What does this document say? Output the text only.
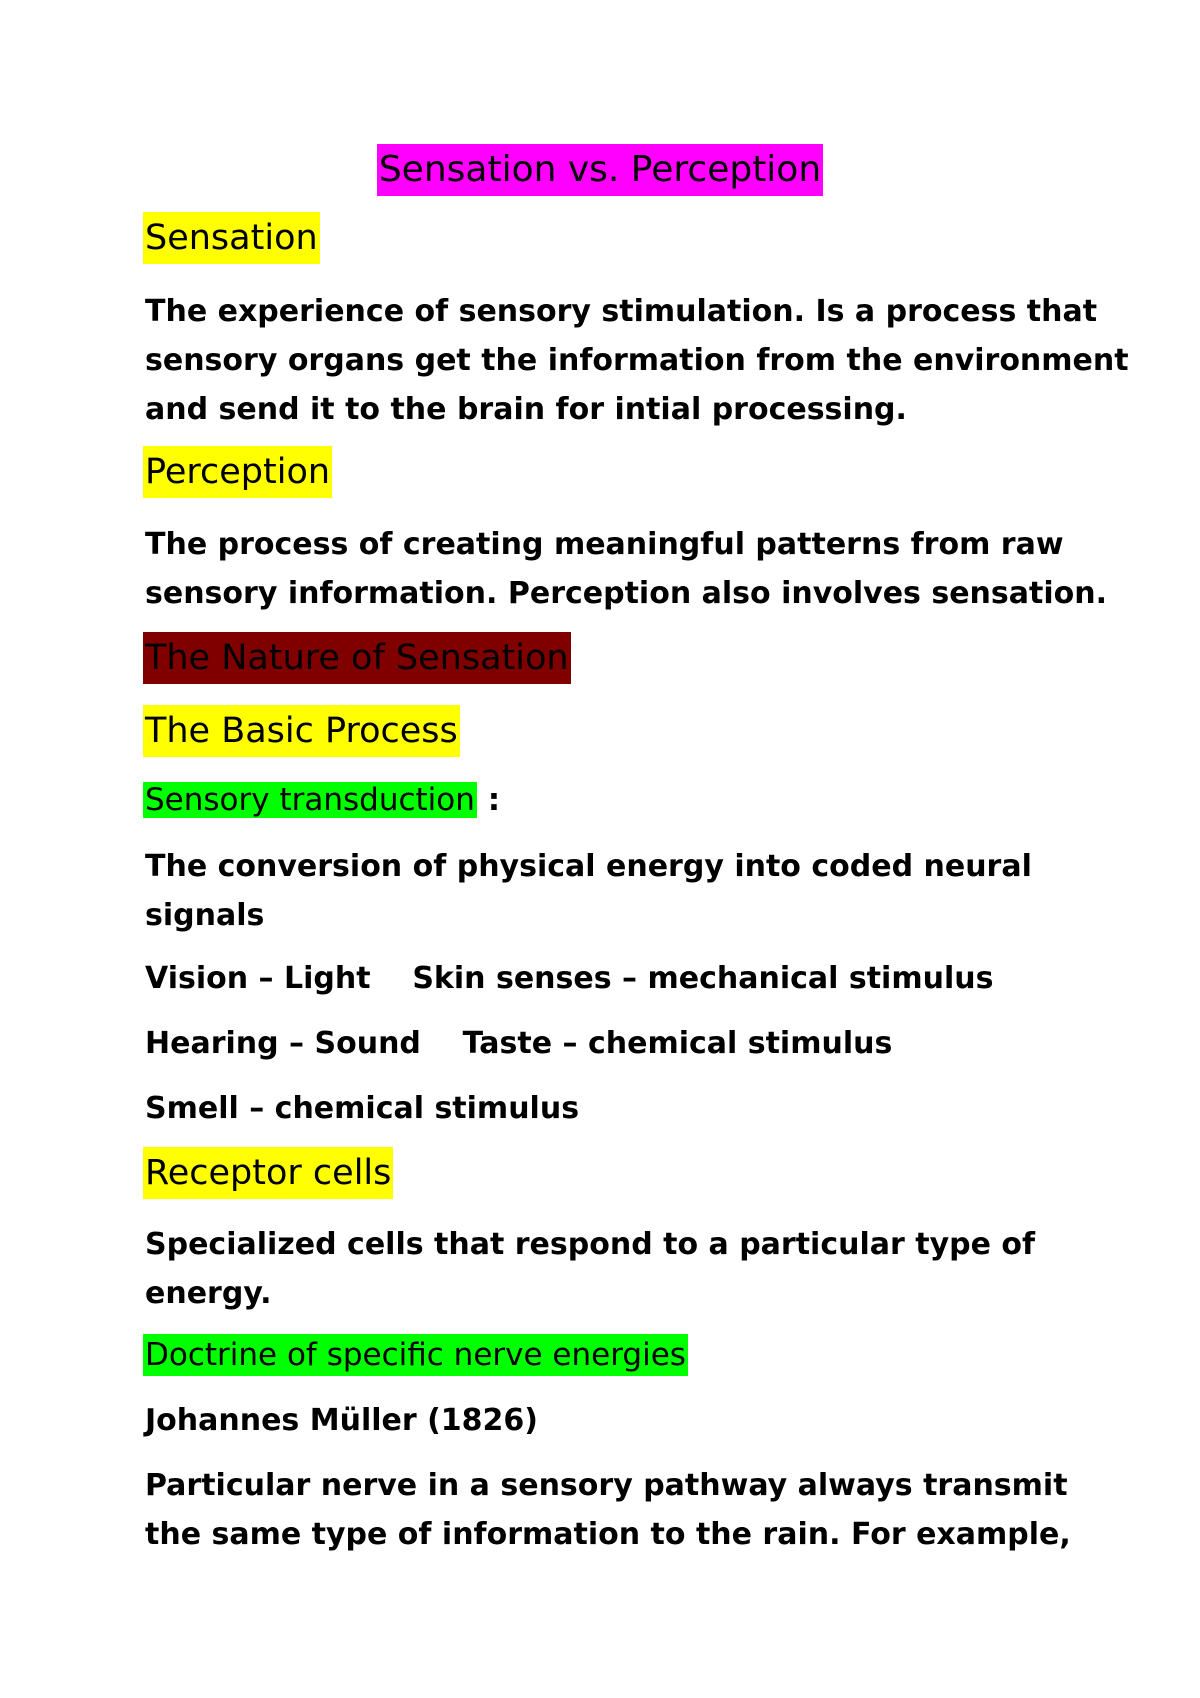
Sensation vs. Perception
Sensation
The experience of sensory stimulation. Is a process that
sensory organs get the information from the environment
and send it to the brain for intial processing.
Perception
The process of creating meaningful patterns from raw
sensory information. Perception also involves sensation.
The Nature of Sensation
The Basic Process
Sensory transduction :
The conversion of physical energy into coded neural
signals
Vision – Light    Skin senses – mechanical stimulus
Hearing – Sound    Taste – chemical stimulus
Smell – chemical stimulus
Receptor cells
Specialized cells that respond to a particular type of
energy.
Doctrine of specific nerve energies
Johannes Müller (1826)
Particular nerve in a sensory pathway always transmit
the same type of information to the rain. For example,
